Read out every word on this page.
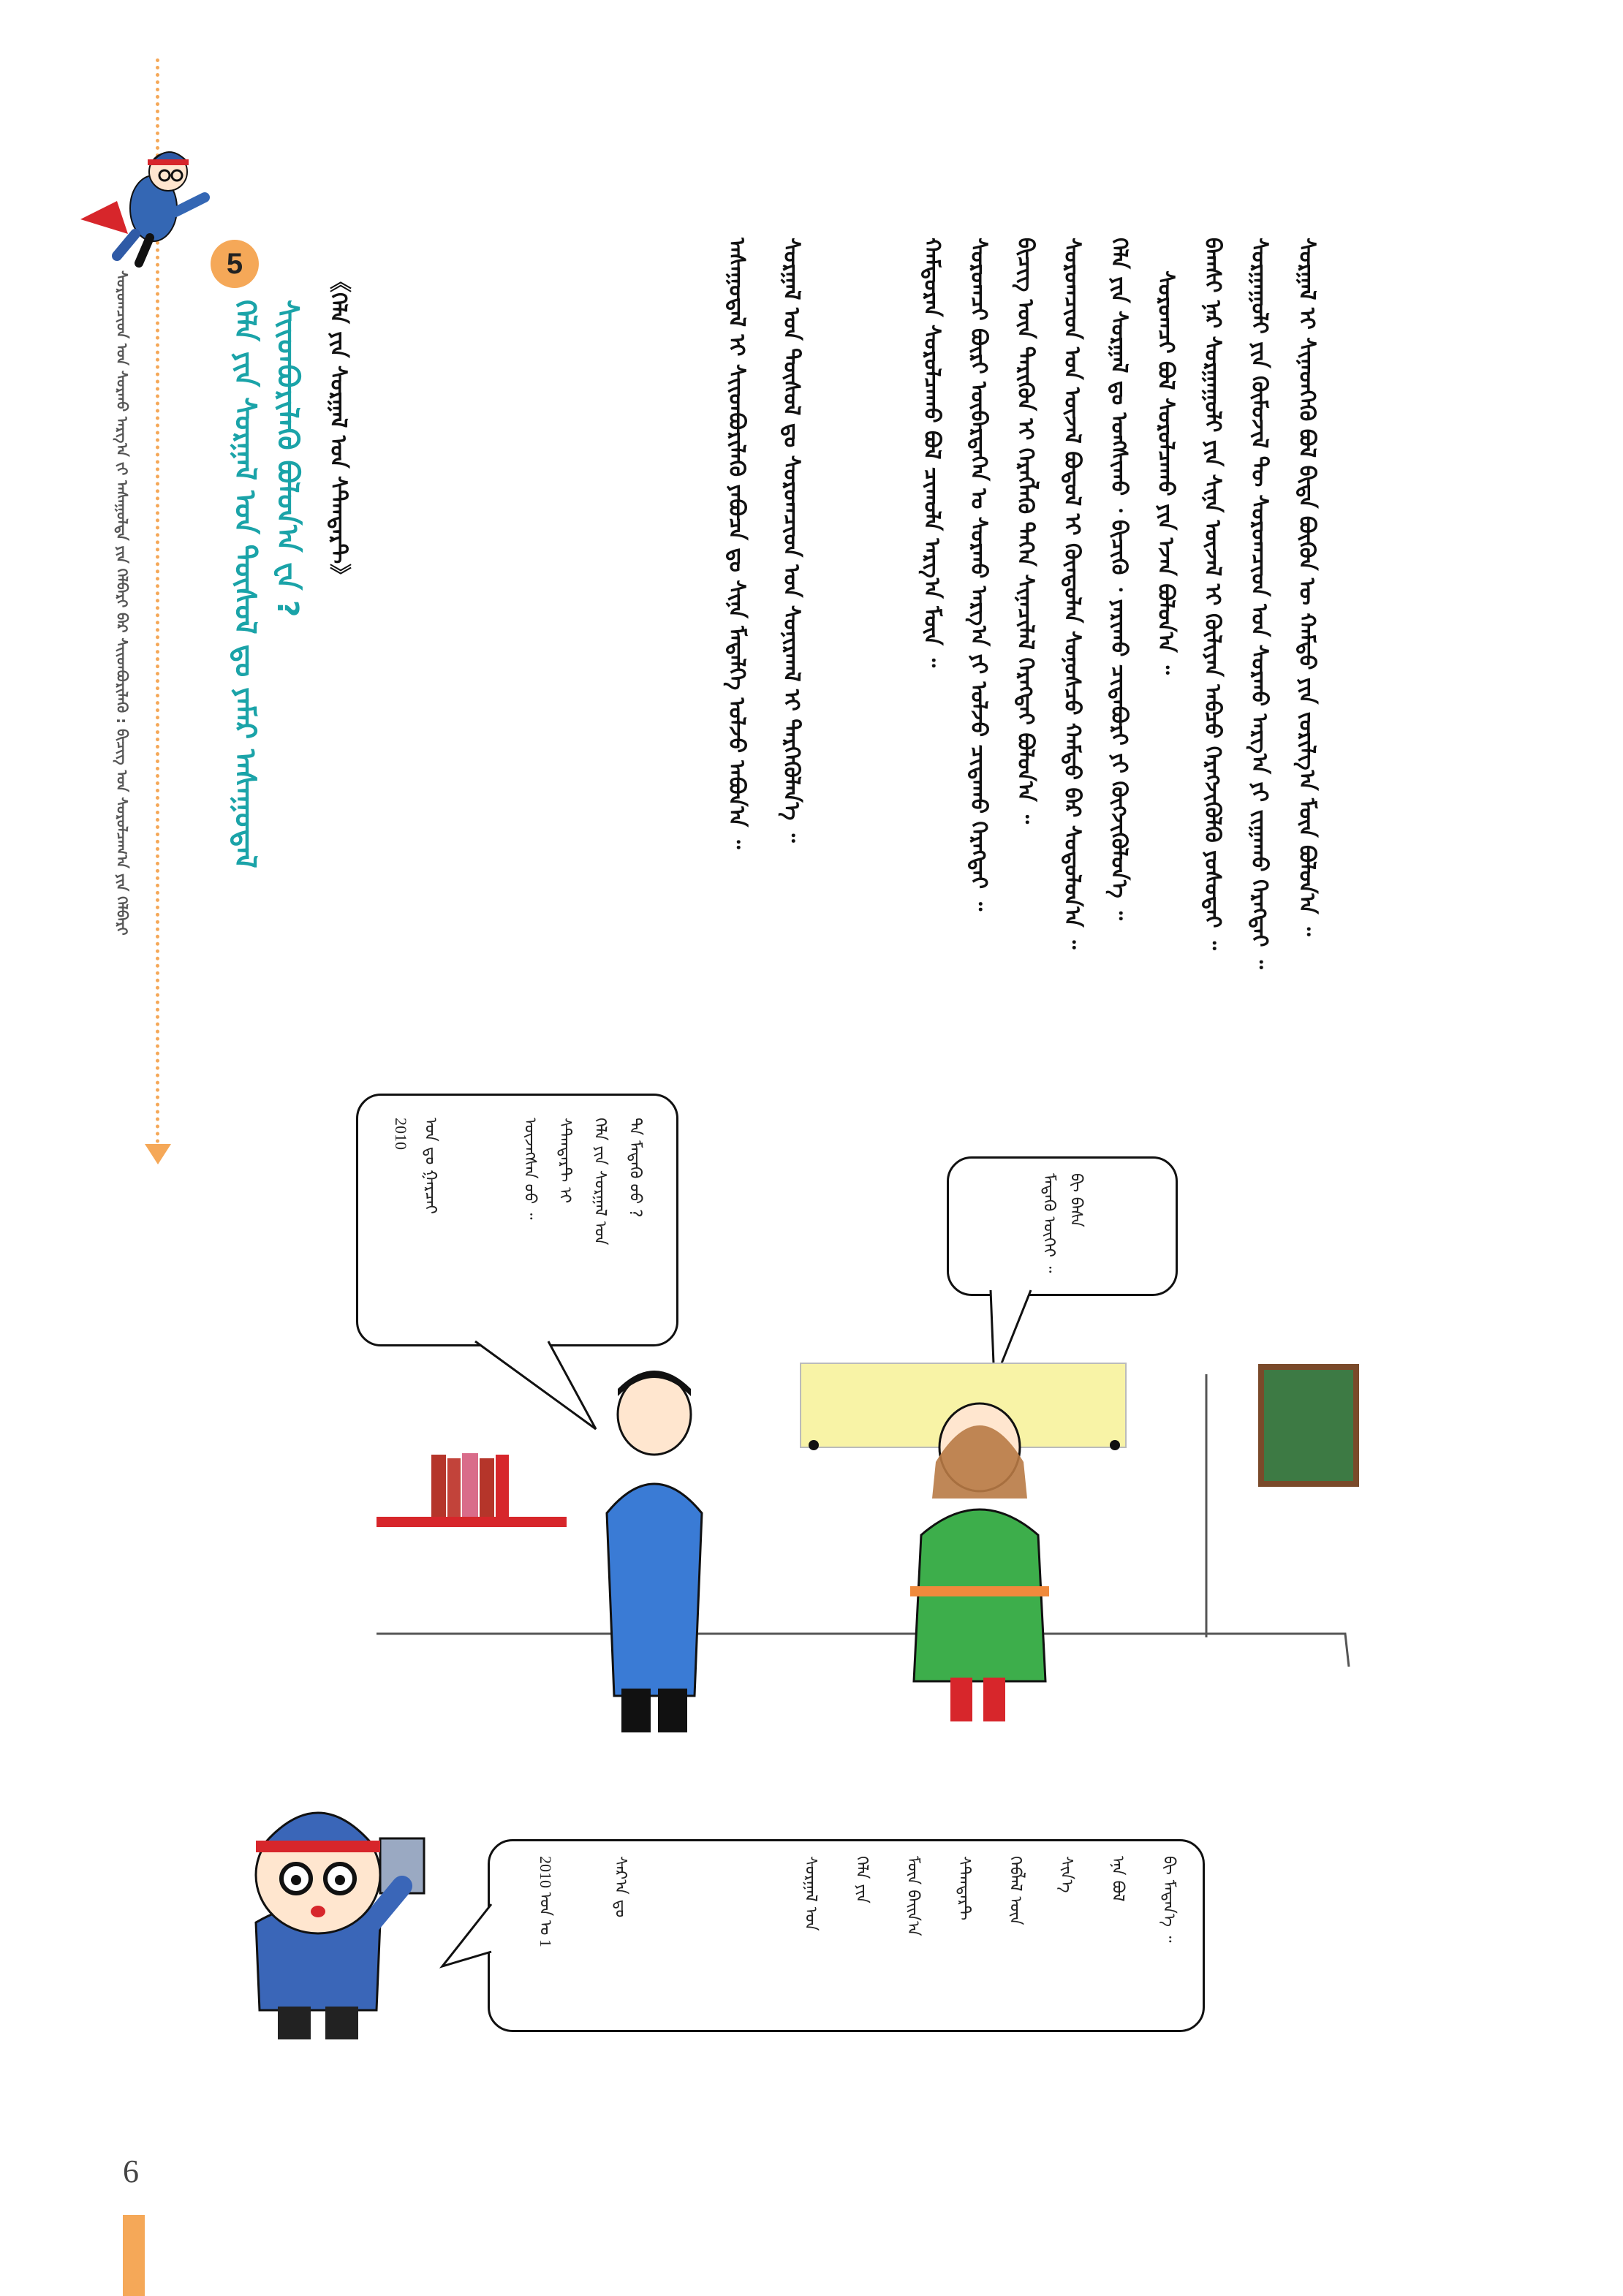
ᠰᠤᠷᠤᠭᠴᠢᠳ ᠤᠨ ᠰᠤᠷᠬᠤ ᠠᠷᠭ᠎ᠠ ᠵᠢ ᠠᠰᠠᠭᠤᠯᠲᠠ ᠶᠢᠨ ᠬᠡᠯᠪᠡᠷᠢ ᠪᠡᠷ ᠰᠢᠢᠳᠪᠦᠷᠢᠯᠡᠬᠦ : ᠪᠢᠴᠢᠭ ᠤᠨ ᠰᠤᠷᠤᠯᠴᠠᠭ᠎ᠠ ᠶᠢᠨ ᠬᠡᠯᠪᠡᠷᠢ
5
ᠬᠡᠯᠡ ᠶᠢᠨ ᠰᠤᠷᠭᠠᠯ ᠤᠨ ᠲᠥᠰᠥᠯ ᠳᠤ ᠶᠠᠮᠠᠷ ᠠᠰᠠᠭᠤᠳᠠᠯ ᠰᠢᠢᠳᠪᠦᠷᠢᠯᠡᠬᠦ ᠪᠣᠯᠤᠨ᠎ᠠ ᠸᠡ ?	ᠰᠤᠷᠭᠠᠯ ᠢ ᠰᠢᠨᠡᠳᠬᠡᠬᠦ ᠪᠣᠯ ᠪᠢᠳᠡ ᠪᠦᠬᠦᠨ ᠦ ᠬᠠᠮᠲᠤ ᠶᠢᠨ ᠵᠣᠷᠢᠯᠭ᠎ᠠ ᠮᠥᠨ ᠪᠣᠯᠤᠨ᠎ᠠ ᠃
ᠰᠤᠷᠭᠠᠭᠤᠯᠢ ᠶᠢᠨ ᠬᠥᠮᠦᠵᠢᠯ ᠲᠦ ᠰᠤᠷᠤᠭᠴᠢᠳ ᠤᠨ ᠰᠤᠷᠬᠤ ᠠᠷᠭ᠎ᠠ ᠶᠢ ᠵᠢᠭᠠᠬᠤ ᠬᠡᠷᠡᠭᠲᠡᠢ ᠃
ᠪᠠᠭᠰᠢ ᠨᠠᠷ ᠰᠤᠷᠭᠠᠭᠤᠯᠢ ᠶᠢᠨ ᠰᠢᠨᠡ ᠦᠵᠡᠯ ᠢ ᠬᠦᠯᠢᠶᠡᠨ ᠠᠪᠴᠤ ᠬᠡᠷᠡᠭᠵᠢᠭᠦᠯᠬᠦ ᠶᠣᠰᠤᠲᠠᠢ ᠃
ᠰᠤᠷᠤᠭᠴᠢ ᠪᠣᠯ ᠰᠤᠷᠤᠯᠴᠠᠬᠤ ᠶᠢᠨ ᠡᠵᠡᠨ ᠪᠣᠯᠤᠨ᠎ᠠ ᠃
ᠬᠡᠯᠡ ᠶᠢᠨ ᠰᠤᠷᠭᠠᠯ ᠳᠤ ᠤᠩᠰᠢᠬᠤ ᠂ ᠪᠢᠴᠢᠬᠦ ᠂ ᠶᠠᠷᠢᠬᠤ ᠴᠢᠳᠠᠪᠤᠷᠢ ᠶᠢ ᠬᠥᠭᠵᠢᠭᠦᠯᠦᠨ᠎ᠡ ᠃
ᠰᠤᠷᠤᠭᠴᠢᠳ ᠤᠨ ᠦᠵᠡᠯ ᠪᠣᠳᠤᠯ ᠢ ᠬᠦᠨᠳᠦᠯᠡᠨ ᠰᠣᠨᠣᠰᠴᠤ ᠬᠠᠮᠲᠤ ᠪᠡᠷ ᠰᠤᠳᠤᠯᠤᠨ᠎ᠠ ᠃
ᠪᠢᠴᠢᠭ ᠦᠨ ᠲᠡᠷᠢᠭᠦᠨ ᠢ ᠬᠡᠷᠡᠭᠯᠡᠬᠦ ᠳᠡᠭᠡᠨ ᠰᠢᠨᠡᠴᠢᠯᠡᠯ ᠬᠡᠷᠡᠭᠲᠡᠢ ᠪᠣᠯᠤᠨ᠎ᠠ ᠃
ᠰᠤᠷᠤᠭᠴᠢ ᠪᠦᠷᠢ ᠥᠪᠡᠷᠲᠡᠭᠡᠨ ᠤ ᠰᠤᠷᠬᠤ ᠠᠷᠭ᠎ᠠ ᠶᠢ ᠣᠯᠵᠤ ᠴᠢᠳᠠᠬᠤ ᠬᠡᠷᠡᠭᠲᠡᠢ ᠃
ᠬᠠᠮᠲᠤᠷᠠᠨ ᠰᠤᠷᠤᠯᠴᠠᠬᠤ ᠪᠣᠯ ᠴᠢᠬᠤᠯᠠ ᠠᠷᠭ᠎ᠠ ᠮᠥᠨ ᠃
ᠰᠤᠷᠭᠠᠯ ᠤᠨ ᠲᠥᠰᠥᠯ ᠳᠤ ᠰᠤᠷᠤᠭᠴᠢᠳ ᠤᠨ ᠰᠣᠨᠢᠷᠬᠠᠯ ᠢ ᠲᠡᠷᠭᠡᠭᠦᠯᠡᠨ᠎ᠡ ᠃
ᠠᠰᠠᠭᠤᠳᠠᠯ ᠢ ᠰᠢᠢᠳᠪᠦᠷᠢᠯᠡᠬᠦ ᠶᠠᠪᠤᠴᠠ ᠳᠤ ᠰᠢᠨᠡ ᠮᠡᠳᠡᠯᠭᠡ ᠣᠯᠵᠤ ᠠᠪᠤᠨ᠎ᠠ ᠃
《ᠬᠡᠯᠡ ᠶᠢᠨ ᠰᠤᠷᠭᠠᠯ ᠤᠨ ᠰᠲ᠋ᠠᠨᠳᠠᠷᠲ》
ᠪᠢ ᠪᠠᠰᠠ
ᠮᠡᠳᠡᠬᠦ ᠦᠭᠡᠢ ᠃
ᠲᠠ ᠮᠡᠳᠡᠬᠦ ᠦᠦ ?
ᠬᠡᠯᠡ ᠶᠢᠨ ᠰᠤᠷᠭᠠᠯ ᠤᠨ
ᠰᠲ᠋ᠠᠨᠳᠠᠷᠲ ᠢ
ᠦᠵᠡᠭᠰᠡᠨ ᠦᠦ ᠃
2010 ᠣᠨ ᠳᠤ ᠭᠠᠷᠴᠠᠢ
ᠪᠢ ᠮᠡᠳᠡᠨ᠎ᠡ ᠃
ᠡᠨᠡ ᠪᠣᠯ
ᠰᠢᠨ᠎ᠡ
ᠬᠡᠪᠯᠡᠯ ᠦᠨ
ᠰᠲ᠋ᠠᠨᠳᠠᠷᠲ
ᠮᠥᠨ ᠪᠠᠢᠨ᠎ᠠ
ᠬᠡᠯᠡ ᠶᠢᠨ
ᠰᠤᠷᠭᠠᠯ ᠤᠨ
2010 ᠣᠨ ᠤ 1	ᠰᠠᠷ᠎ᠠ ᠳᠤ
6
